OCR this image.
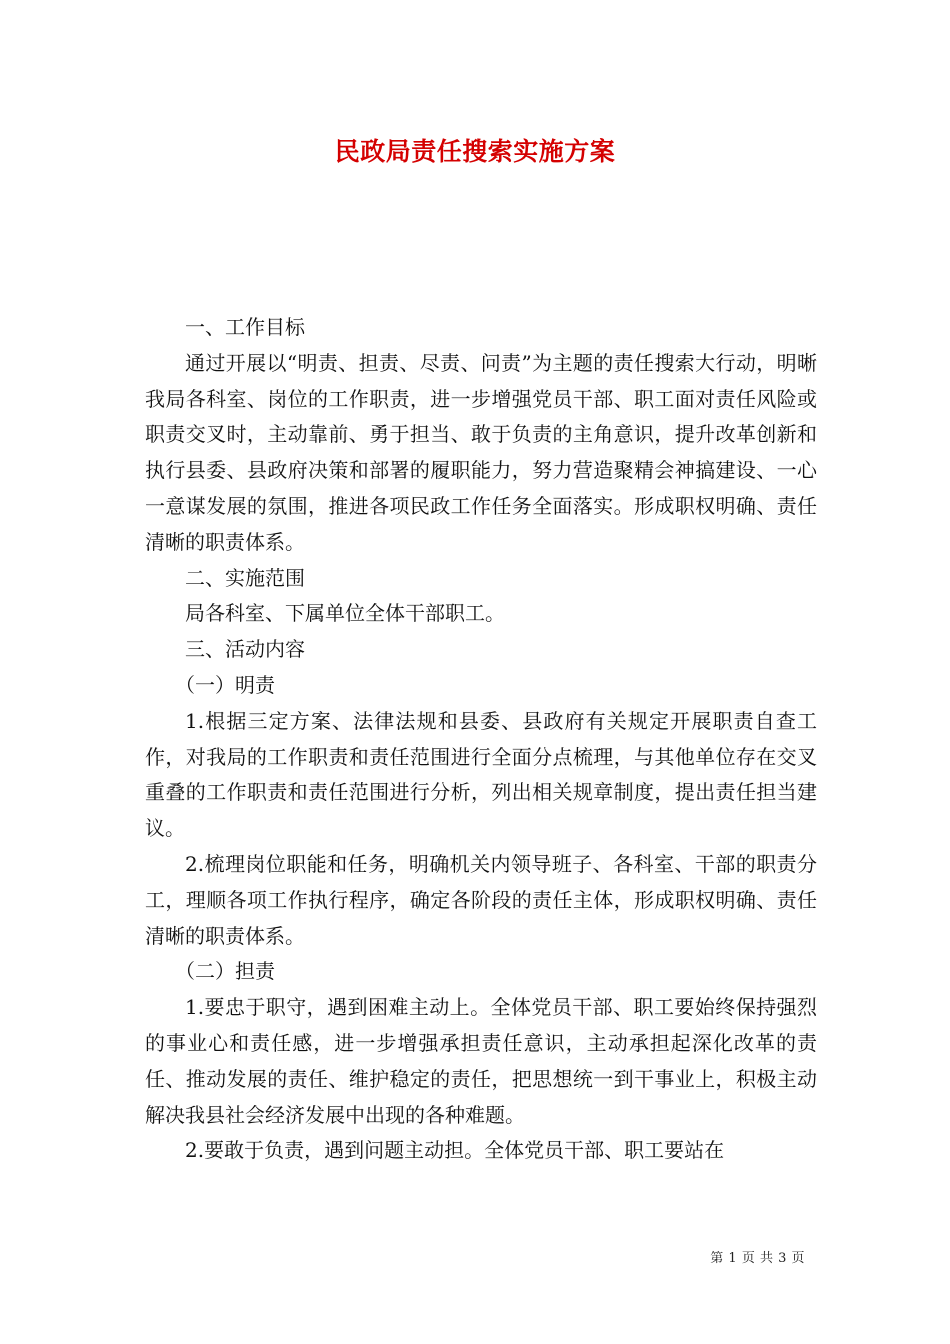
民政局责任搜索实施方案

一、工作目标

通过开展以“明责、担责、尽责、问责”为主题的责任搜索大行动，明晰我局各科室、岗位的工作职责，进一步增强党员干部、职工面对责任风险或职责交叉时，主动靠前、勇于担当、敢于负责的主角意识，提升改革创新和执行县委、县政府决策和部署的履职能力，努力营造聚精会神搞建设、一心一意谋发展的氛围，推进各项民政工作任务全面落实。形成职权明确、责任清晰的职责体系。

二、实施范围

局各科室、下属单位全体干部职工。

三、活动内容

（一）明责

1.根据三定方案、法律法规和县委、县政府有关规定开展职责自查工作，对我局的工作职责和责任范围进行全面分点梳理，与其他单位存在交叉重叠的工作职责和责任范围进行分析，列出相关规章制度，提出责任担当建议。

2.梳理岗位职能和任务，明确机关内领导班子、各科室、干部的职责分工，理顺各项工作执行程序，确定各阶段的责任主体，形成职权明确、责任清晰的职责体系。

（二）担责

1.要忠于职守，遇到困难主动上。全体党员干部、职工要始终保持强烈的事业心和责任感，进一步增强承担责任意识，主动承担起深化改革的责任、推动发展的责任、维护稳定的责任，把思想统一到干事业上，积极主动解决我县社会经济发展中出现的各种难题。

2.要敢于负责，遇到问题主动担。全体党员干部、职工要站在

第 1 页 共 3 页
